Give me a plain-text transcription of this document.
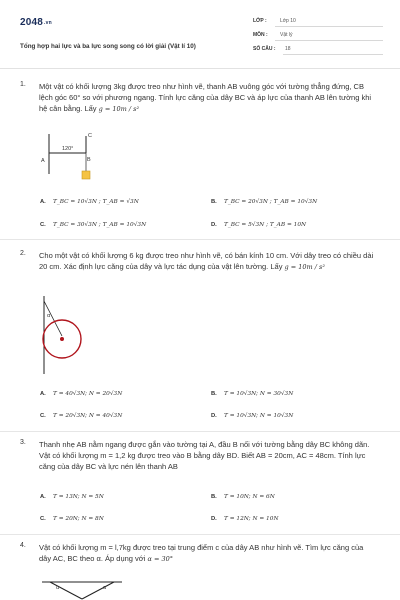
$2048^{.vn}$
Tổng hợp hai lực và ba lực song song có lời giải (Vật lí 10)
LỚP :	Lớp 10
MÔN : Vật lý
SỐ CÂU : 18
1. Một vật có khối lượng 3kg được treo như hình vẽ, thanh AB vuông góc với tường thẳng đứng, CB lệch góc 60° so với phương ngang. Tính lực căng của dây BC và áp lực của thanh AB lên tường khi hệ cân bằng. Lấy g = 10m / s²
C
A	B
120°
A. T_BC = 10√3N ; T_AB = √3N	B. T_BC = 20√3N ; T_AB = 10√3N
C. T_BC = 30√3N ; T_AB = 10√3N	D. T_BC = 5√3N ; T_AB = 10N
2. Cho một vật có khối lượng 6 kg được treo như hình vẽ, có bán kính 10 cm. Với dây treo có chiều dài 20 cm. Xác định lực căng của dây và lực tác dụng của vật lên tường. Lấy g = 10m / s²
α
A. T = 40√3N; N = 20√3N	B. T = 10√3N; N = 30√3N
C. T = 20√3N; N = 40√3N	D. T = 10√3N; N = 10√3N
3. Thanh nhẹ AB nằm ngang được gắn vào tường tại A, đầu B nối với tường bằng dây BC không dãn. Vật có khối lượng m = 1,2 kg được treo vào B bằng dây BD. Biết AB = 20cm, AC = 48cm. Tính lực căng của dây BC và lực nén lên thanh AB
A. T = 13N; N = 5N	B. T = 10N; N = 6N
C. T = 20N; N = 8N	D. T = 12N; N = 10N
4. Vật có khối lượng m = l,7kg được treo tại trung điểm c của dây AB như hình vẽ. Tìm lực căng của dây AC, BC theo α. Áp dụng với α = 30°
α	α
